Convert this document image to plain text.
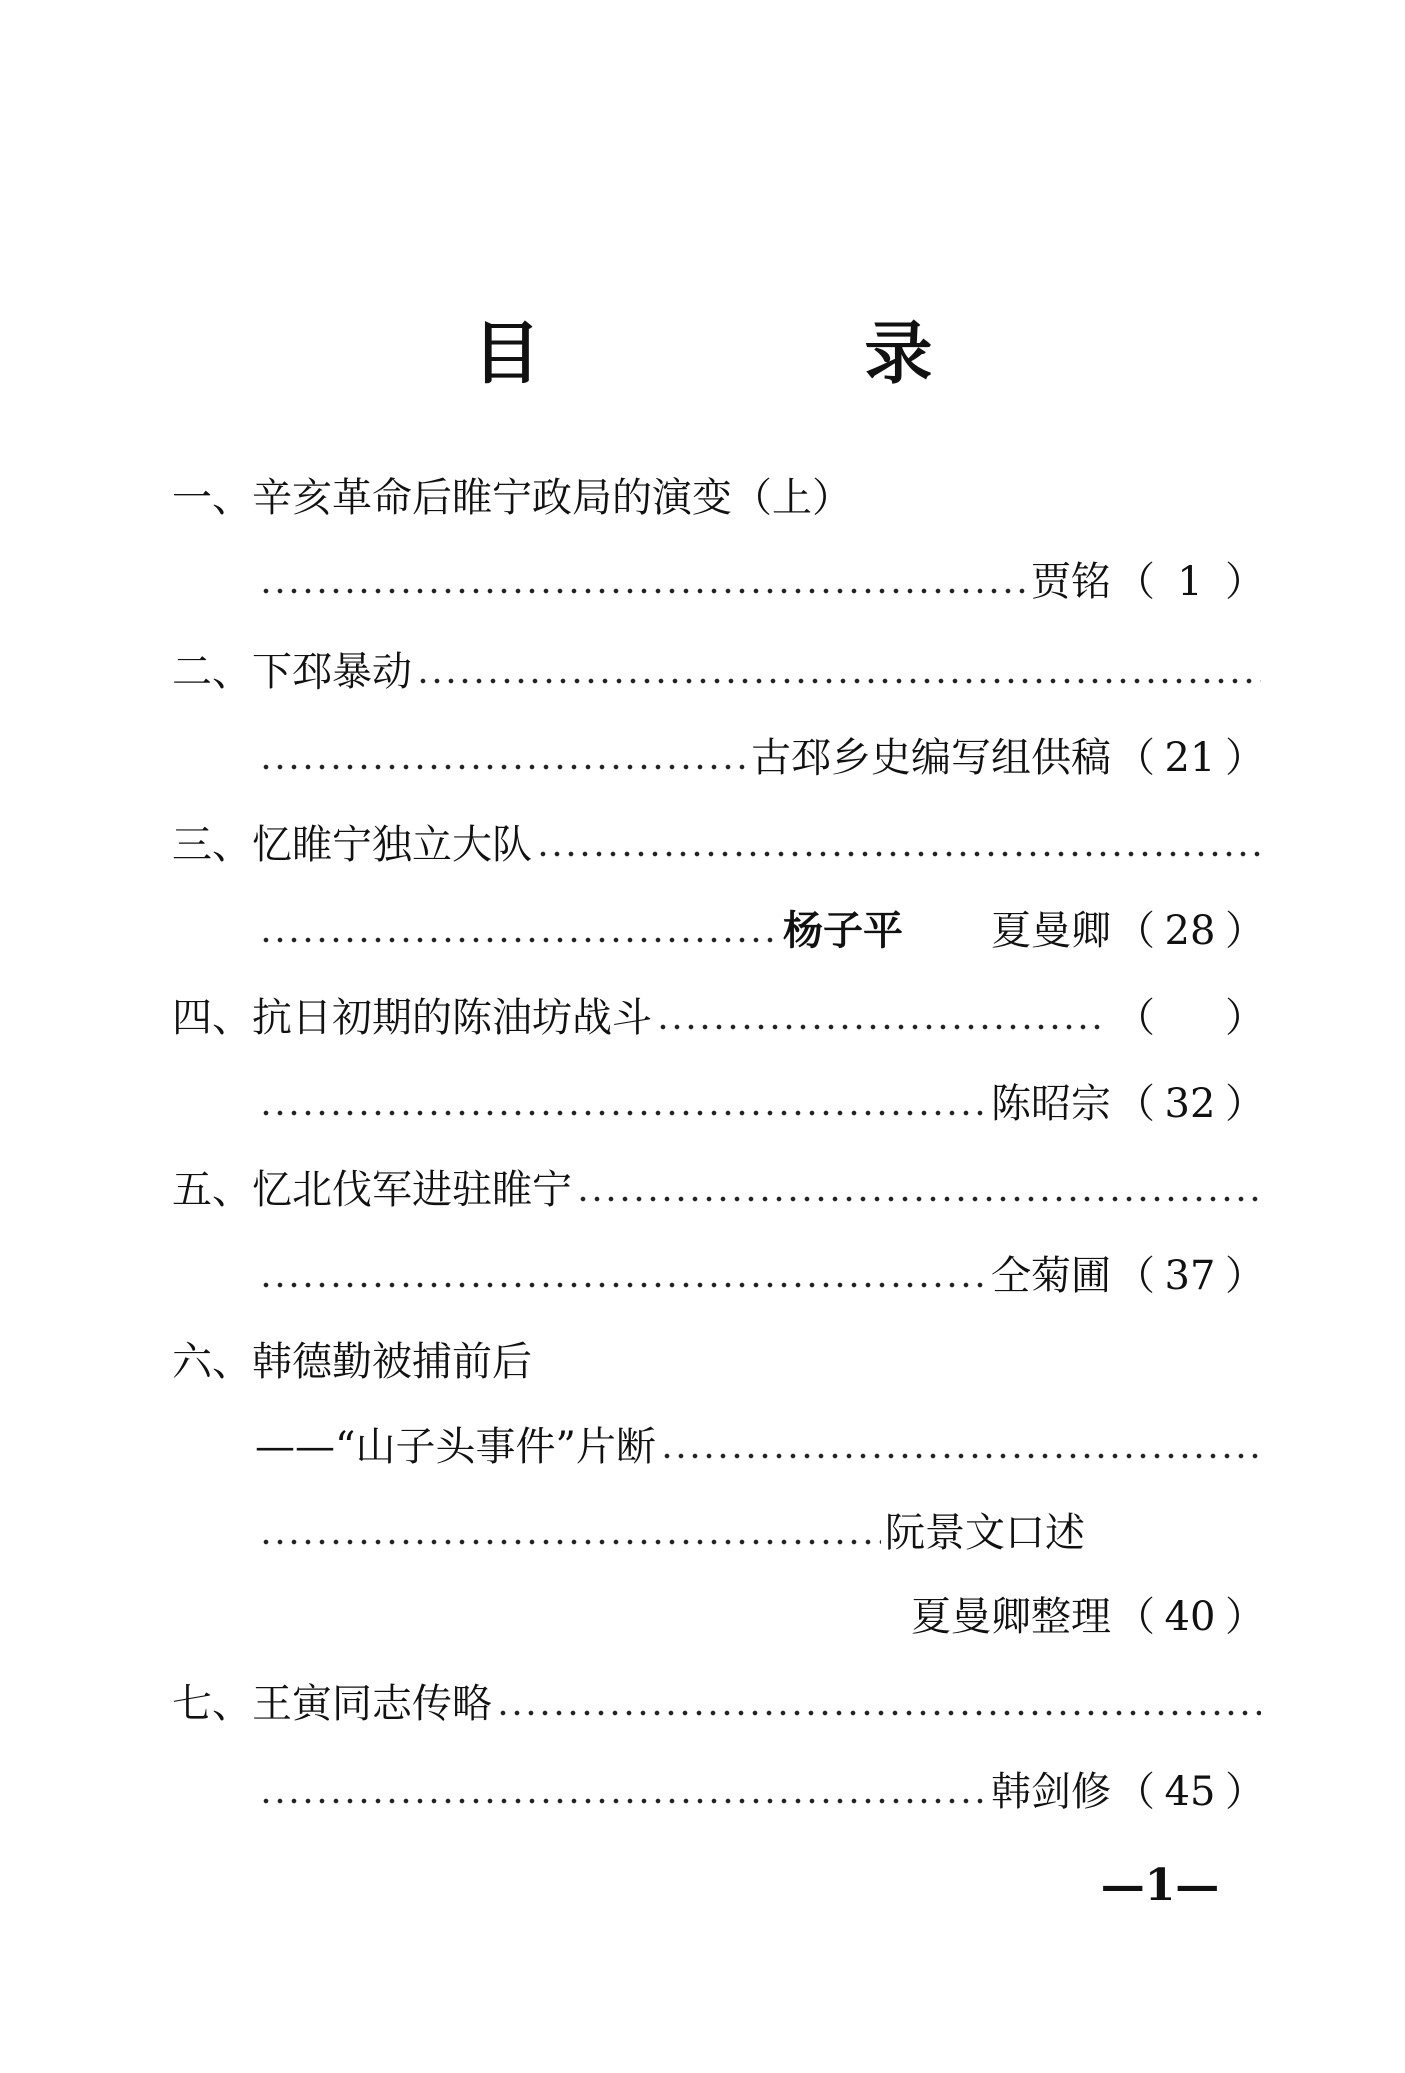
目 录
一、 辛亥革命后睢宁政局的演变（上）
贾铭 （ 1 ）
二、 下邳暴动
古邳乡史编写组供稿 （ 21 ）
三、 忆睢宁独立大队
杨子平 夏曼卿 （ 28 ）
四、 抗日初期的陈油坊战斗	（ ）
陈昭宗 （ 32 ）
五、 忆北伐军进驻睢宁
仝菊圃 （ 37 ）
六、 韩德勤被捕前后
——“山子头事件”片断
阮景文口述
夏曼卿整理 （ 40 ）
七、 王寅同志传略
韩剑修 （ 45 ）
—1—
